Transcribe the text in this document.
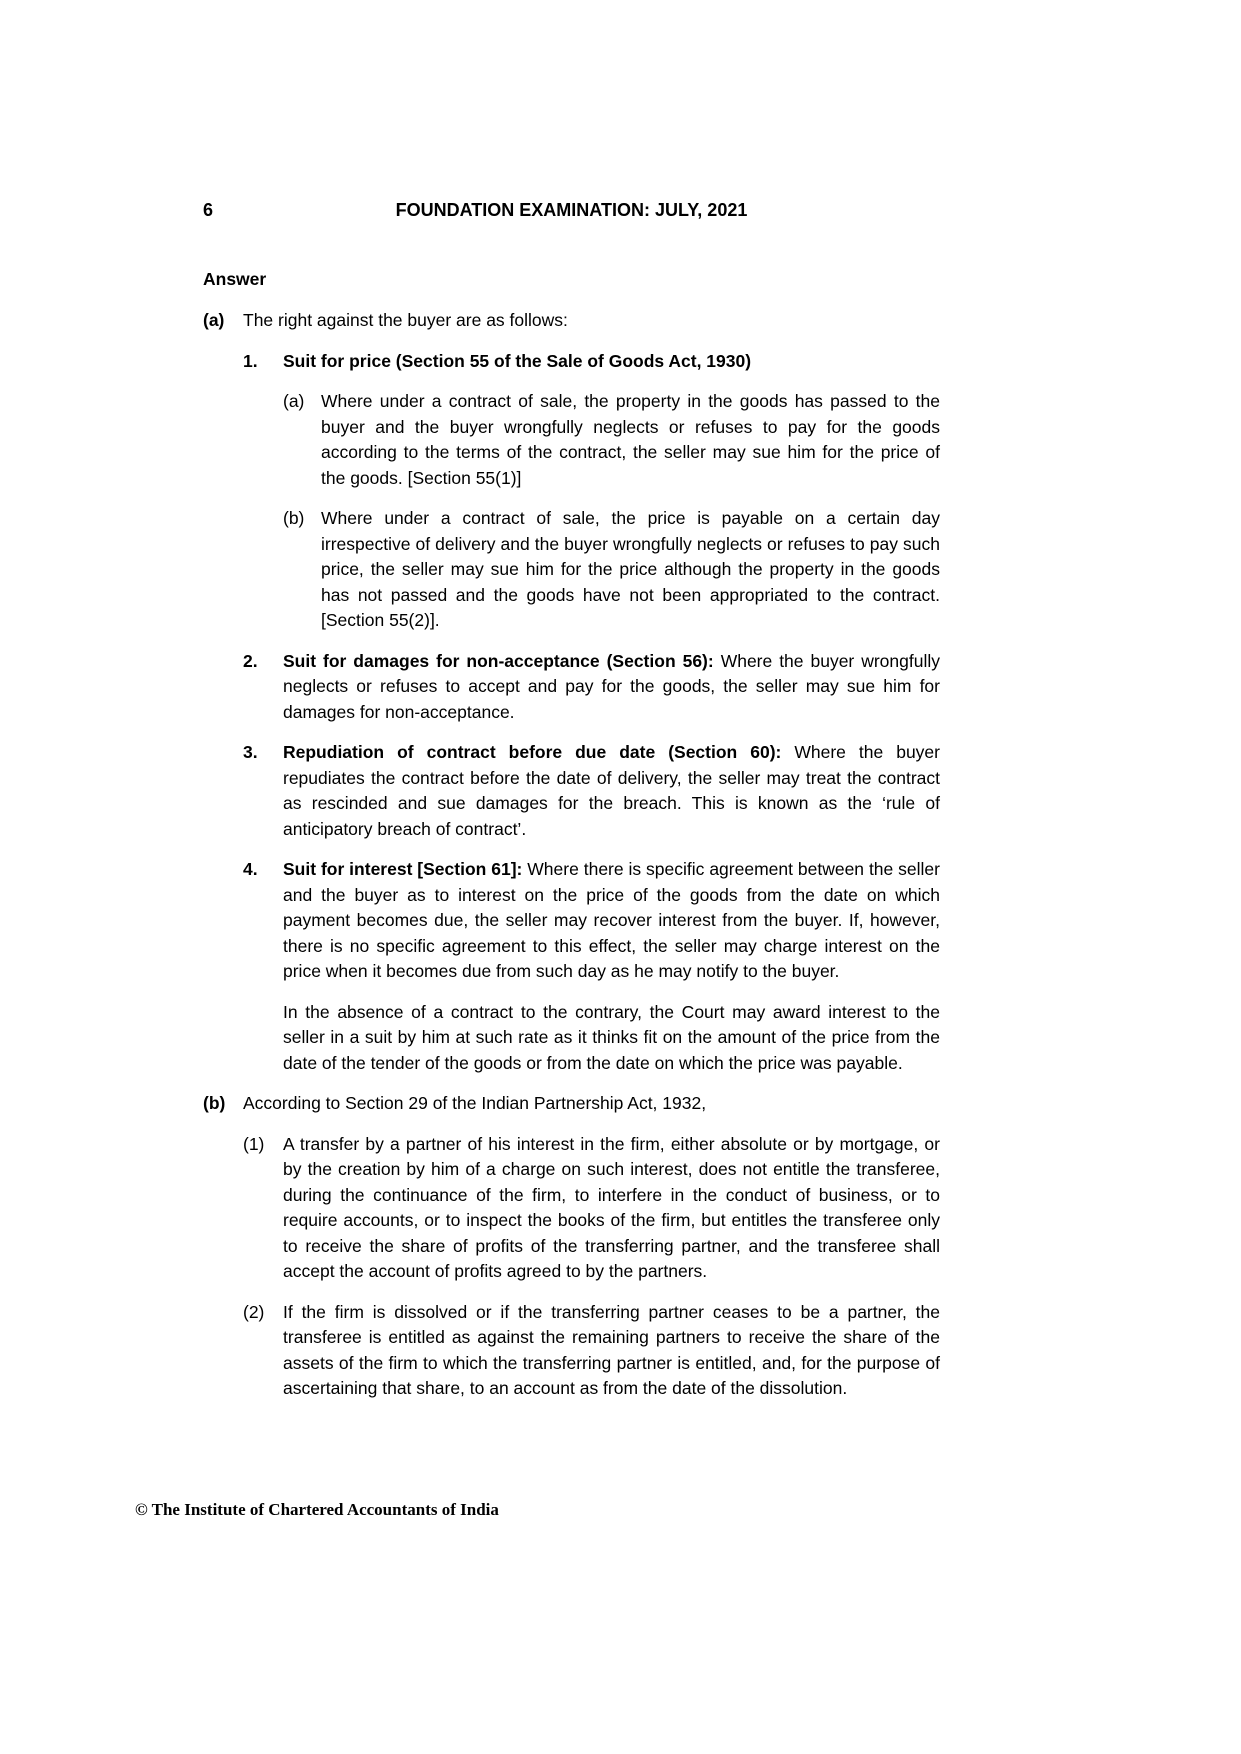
6	FOUNDATION EXAMINATION: JULY, 2021
Answer
(a)	The right against the buyer are as follows:

1.	Suit for price (Section 55 of the Sale of Goods Act, 1930)

(a) Where under a contract of sale, the property in the goods has passed to the buyer and the buyer wrongfully neglects or refuses to pay for the goods according to the terms of the contract, the seller may sue him for the price of the goods. [Section 55(1)]

(b) Where under a contract of sale, the price is payable on a certain day irrespective of delivery and the buyer wrongfully neglects or refuses to pay such price, the seller may sue him for the price although the property in the goods has not passed and the goods have not been appropriated to the contract. [Section 55(2)].

2.	Suit for damages for non-acceptance (Section 56): Where the buyer wrongfully neglects or refuses to accept and pay for the goods, the seller may sue him for damages for non-acceptance.

3.	Repudiation of contract before due date (Section 60): Where the buyer repudiates the contract before the date of delivery, the seller may treat the contract as rescinded and sue damages for the breach. This is known as the ‘rule of anticipatory breach of contract’.

4.	Suit for interest [Section 61]: Where there is specific agreement between the seller and the buyer as to interest on the price of the goods from the date on which payment becomes due, the seller may recover interest from the buyer. If, however, there is no specific agreement to this effect, the seller may charge interest on the price when it becomes due from such day as he may notify to the buyer.

In the absence of a contract to the contrary, the Court may award interest to the seller in a suit by him at such rate as it thinks fit on the amount of the price from the date of the tender of the goods or from the date on which the price was payable.

(b)	According to Section 29 of the Indian Partnership Act, 1932,

(1)	A transfer by a partner of his interest in the firm, either absolute or by mortgage, or by the creation by him of a charge on such interest, does not entitle the transferee, during the continuance of the firm, to interfere in the conduct of business, or to require accounts, or to inspect the books of the firm, but entitles the transferee only to receive the share of profits of the transferring partner, and the transferee shall accept the account of profits agreed to by the partners.

(2)	If the firm is dissolved or if the transferring partner ceases to be a partner, the transferee is entitled as against the remaining partners to receive the share of the assets of the firm to which the transferring partner is entitled, and, for the purpose of ascertaining that share, to an account as from the date of the dissolution.

© The Institute of Chartered Accountants of India
